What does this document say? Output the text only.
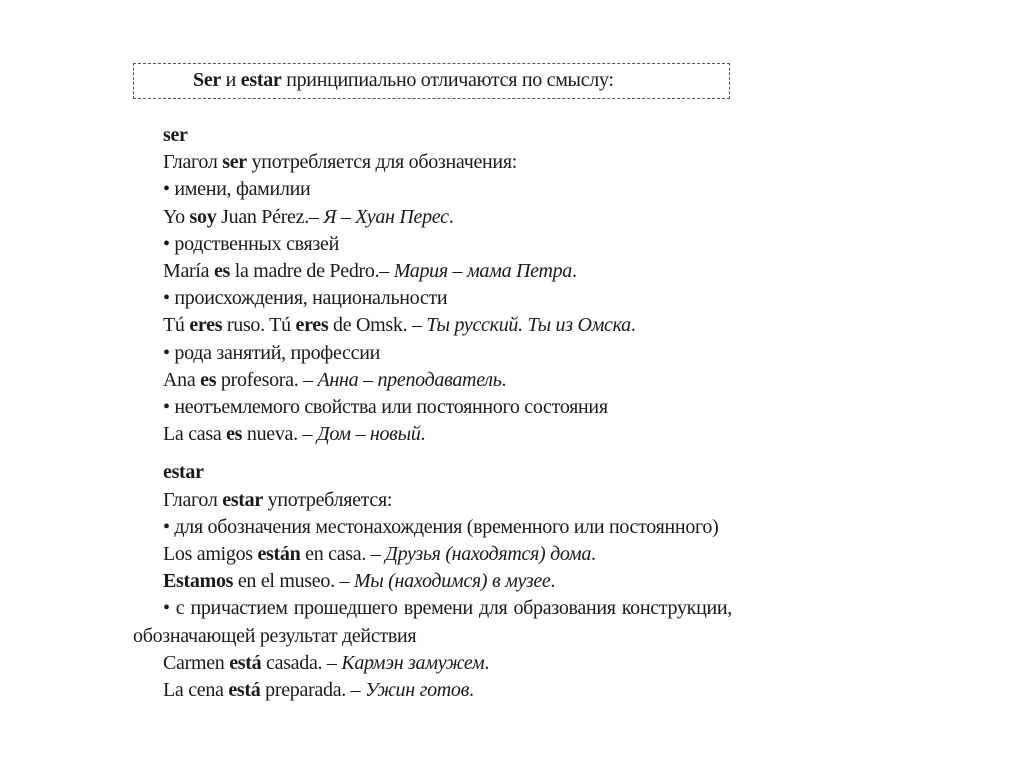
Ser и estar принципиально отличаются по смыслу:
ser
Глагол ser употребляется для обозначения:
• имени, фамилии
Yo soy Juan Pérez.– Я – Хуан Перес.
• родственных связей
María es la madre de Pedro.– Мария – мама Петра.
• происхождения, национальности
Tú eres ruso. Tú eres de Omsk. – Ты русский. Ты из Омска.
• рода занятий, профессии
Ana es profesora. – Анна – преподаватель.
• неотъемлемого свойства или постоянного состояния
La casa es nueva. – Дом – новый.
estar
Глагол estar употребляется:
• для обозначения местонахождения (временного или постоянного)
Los amigos están en casa. – Друзья (находятся) дома.
Estamos en el museo. – Мы (находимся) в музее.
• с причастием прошедшего времени для образования конструкции, обозначающей результат действия
Carmen está casada. – Кармэн замужем.
La cena está preparada. – Ужин готов.
